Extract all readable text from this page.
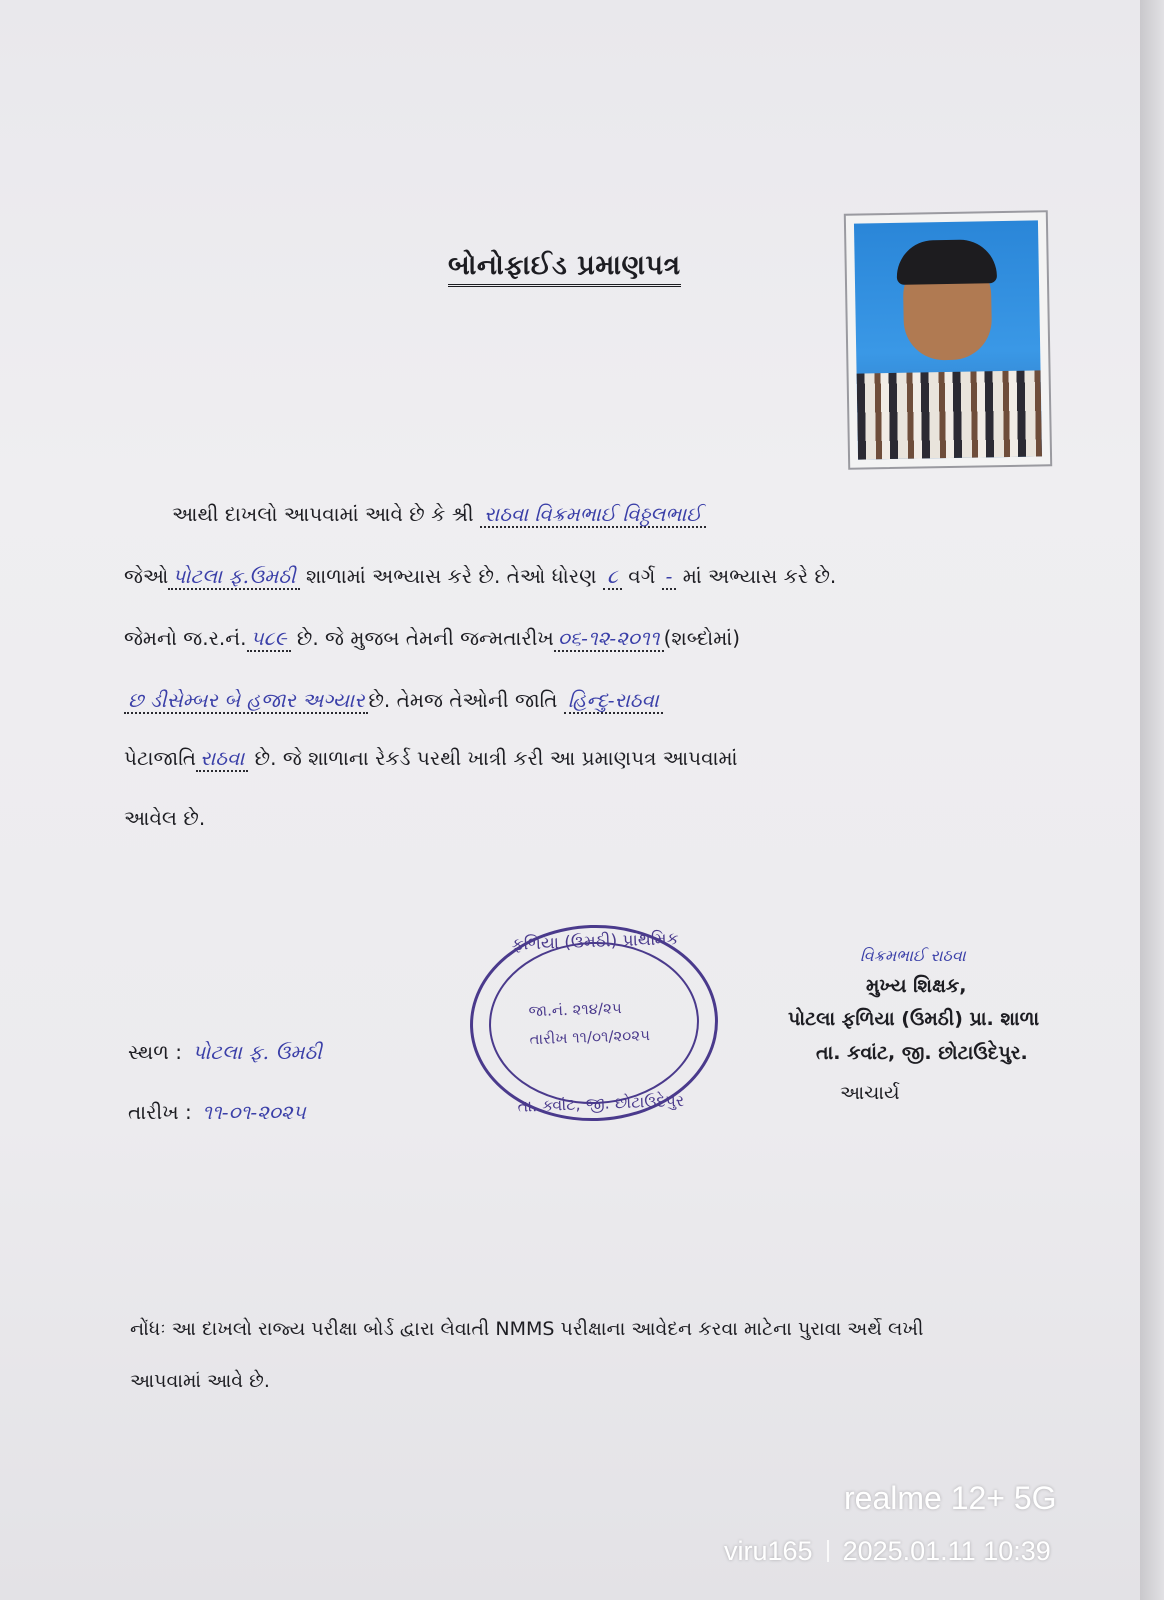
બોનોફાઈડ પ્રમાણપત્ર
આથી દાખલો આપવામાં આવે છે કે શ્રી રાઠવા વિક્રમભાઈ વિઠ્ઠલભાઈ
જેઓ પોટલા ફ.ઉમઠી શાળામાં અભ્યાસ કરે છે. તેઓ ધોરણ ૮ વર્ગ - માં અભ્યાસ કરે છે.
જેમનો જ.ર.નં. ૫૮૯ છે. જે મુજબ તેમની જન્મતારીખ ૦૬-૧૨-૨૦૧૧ (શબ્દોમાં)
છ ડીસેમ્બર બે હજાર અગ્યાર છે. તેમજ તેઓની જાતિ હિન્દુ-રાઠવા
પેટાજાતિ રાઠવા છે. જે શાળાના રેકર્ડ પરથી ખાત્રી કરી આ પ્રમાણપત્ર આપવામાં
આવેલ છે.
ફળિયા (ઉમઠી) પ્રાથમિક
જા.નં. ૨૧૪/૨૫
તારીખ ૧૧/૦૧/૨૦૨૫
તા. ક્વાંટ, જી. છોટાઉદેપુર
વિક્રમભાઈ રાઠવા
મુખ્ય શિક્ષક,
પોટલા ફળિયા (ઉમઠી) પ્રા. શાળા
તા. કવાંટ, જી. છોટાઉદેપુર.
આચાર્ય
સ્થળ : પોટલા ફ. ઉમઠી
તારીખ : ૧૧-૦૧-૨૦૨૫
નોંધઃ આ દાખલો રાજ્ય પરીક્ષા બોર્ડ દ્વારા લેવાતી NMMS પરીક્ષાના આવેદન કરવા માટેના પુરાવા અર્થે લખી
આપવામાં આવે છે.
realme 12+ 5G
viru165 2025.01.11 10:39
